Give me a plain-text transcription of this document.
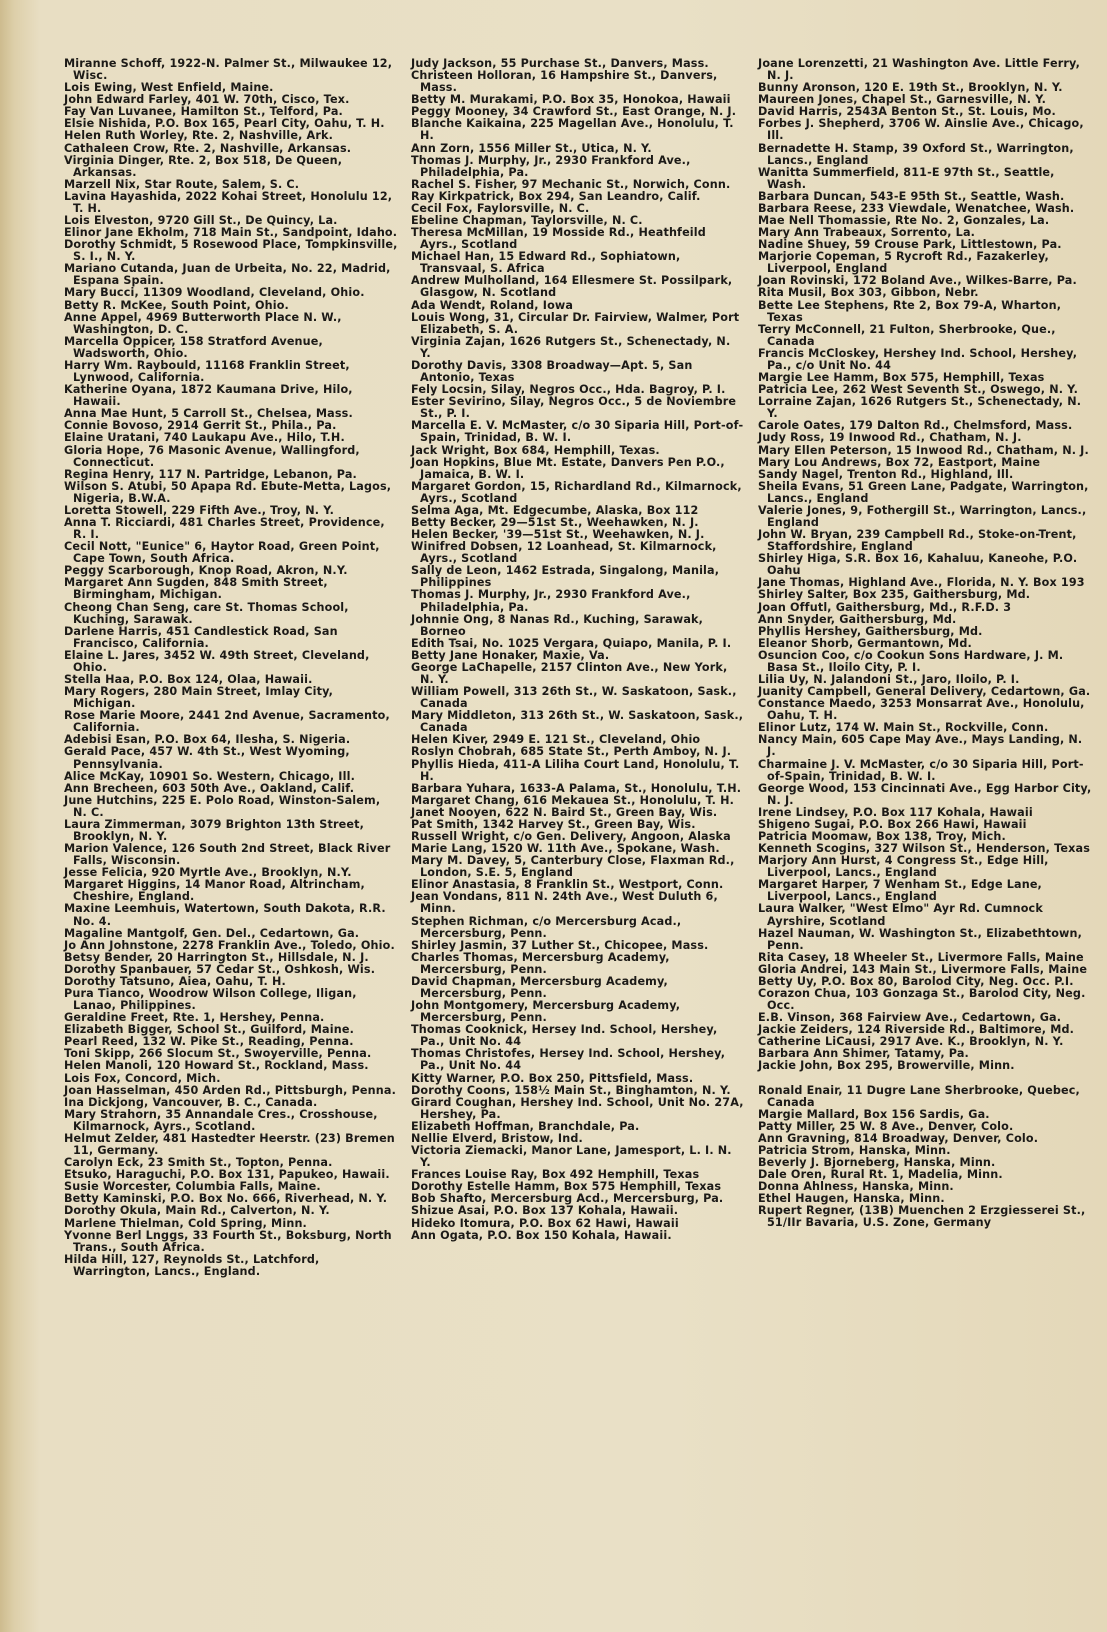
Miranne Schoff, 1922-N. Palmer St., Milwaukee 12, Wisc.

Lois Ewing, West Enfield, Maine.

John Edward Farley, 401 W. 70th, Cisco, Tex.

Fay Van Luvanee, Hamilton St., Telford, Pa.

Elsie Nishida, P.O. Box 165, Pearl City, Oahu, T. H.

Helen Ruth Worley, Rte. 2, Nashville, Ark.

Cathaleen Crow, Rte. 2, Nashville, Arkansas.

Virginia Dinger, Rte. 2, Box 518, De Queen, Arkansas.

Marzell Nix, Star Route, Salem, S. C.

Lavina Hayashida, 2022 Kohai Street, Honolulu 12, T. H.

Lois Elveston, 9720 Gill St., De Quincy, La.

Elinor Jane Ekholm, 718 Main St., Sandpoint, Idaho.

Dorothy Schmidt, 5 Rosewood Place, Tompkinsville, S. I., N. Y.

Mariano Cutanda, Juan de Urbeita, No. 22, Madrid, Espana Spain.

Mary Bucci, 11309 Woodland, Cleveland, Ohio.

Betty R. McKee, South Point, Ohio.

Anne Appel, 4969 Butterworth Place N. W., Washington, D. C.

Marcella Oppicer, 158 Stratford Avenue, Wadsworth, Ohio.

Harry Wm. Raybould, 11168 Franklin Street, Lynwood, California.

Katherine Oyana, 1872 Kaumana Drive, Hilo, Hawaii.

Anna Mae Hunt, 5 Carroll St., Chelsea, Mass.

Connie Bovoso, 2914 Gerrit St., Phila., Pa.

Elaine Uratani, 740 Laukapu Ave., Hilo, T.H.

Gloria Hope, 76 Masonic Avenue, Wallingford, Connecticut.

Regina Henry, 117 N. Partridge, Lebanon, Pa.

Wilson S. Atubi, 50 Apapa Rd. Ebute-Metta, Lagos, Nigeria, B.W.A.

Loretta Stowell, 229 Fifth Ave., Troy, N. Y.

Anna T. Ricciardi, 481 Charles Street, Providence, R. I.

Cecil Nott, "Eunice" 6, Haytor Road, Green Point, Cape Town, South Africa.

Peggy Scarborough, Knop Road, Akron, N.Y.

Margaret Ann Sugden, 848 Smith Street, Birmingham, Michigan.

Cheong Chan Seng, care St. Thomas School, Kuching, Sarawak.

Darlene Harris, 451 Candlestick Road, San Francisco, California.

Elaine L. Jares, 3452 W. 49th Street, Cleveland, Ohio.

Stella Haa, P.O. Box 124, Olaa, Hawaii.

Mary Rogers, 280 Main Street, Imlay City, Michigan.

Rose Marie Moore, 2441 2nd Avenue, Sacramento, California.

Adebisi Esan, P.O. Box 64, Ilesha, S. Nigeria.

Gerald Pace, 457 W. 4th St., West Wyoming, Pennsylvania.

Alice McKay, 10901 So. Western, Chicago, Ill.

Ann Brecheen, 603 50th Ave., Oakland, Calif.

June Hutchins, 225 E. Polo Road, Winston-Salem, N. C.

Laura Zimmerman, 3079 Brighton 13th Street, Brooklyn, N. Y.

Marion Valence, 126 South 2nd Street, Black River Falls, Wisconsin.

Jesse Felicia, 920 Myrtle Ave., Brooklyn, N.Y.

Margaret Higgins, 14 Manor Road, Altrincham, Cheshire, England.

Maxine Leemhuis, Watertown, South Dakota, R.R. No. 4.

Magaline Mantgolf, Gen. Del., Cedartown, Ga.

Jo Ann Johnstone, 2278 Franklin Ave., Toledo, Ohio.

Betsy Bender, 20 Harrington St., Hillsdale, N. J.

Dorothy Spanbauer, 57 Cedar St., Oshkosh, Wis.

Dorothy Tatsuno, Aiea, Oahu, T. H.

Pura Tianco, Woodrow Wilson College, Iligan, Lanao, Philippines.

Geraldine Freet, Rte. 1, Hershey, Penna.

Elizabeth Bigger, School St., Guilford, Maine.

Pearl Reed, 132 W. Pike St., Reading, Penna.

Toni Skipp, 266 Slocum St., Swoyerville, Penna.

Helen Manoli, 120 Howard St., Rockland, Mass.

Lois Fox, Concord, Mich.

Joan Hasselman, 450 Arden Rd., Pittsburgh, Penna.

Ina Dickjong, Vancouver, B. C., Canada.

Mary Strahorn, 35 Annandale Cres., Crosshouse, Kilmarnock, Ayrs., Scotland.

Helmut Zelder, 481 Hastedter Heerstr. (23) Bremen 11, Germany.

Carolyn Eck, 23 Smith St., Topton, Penna.

Etsuko, Haraguchi, P.O. Box 131, Papukeo, Hawaii.

Susie Worcester, Columbia Falls, Maine.

Betty Kaminski, P.O. Box No. 666, Riverhead, N. Y.

Dorothy Okula, Main Rd., Calverton, N. Y.

Marlene Thielman, Cold Spring, Minn.

Yvonne Berl Lnggs, 33 Fourth St., Boksburg, North Trans., South Africa.

Hilda Hill, 127, Reynolds St., Latchford, Warrington, Lancs., England.

Judy Jackson, 55 Purchase St., Danvers, Mass.

Christeen Holloran, 16 Hampshire St., Danvers, Mass.

Betty M. Murakami, P.O. Box 35, Honokoa, Hawaii

Peggy Mooney, 34 Crawford St., East Orange, N. J.

Blanche Kaikaina, 225 Magellan Ave., Honolulu, T. H.

Ann Zorn, 1556 Miller St., Utica, N. Y.

Thomas J. Murphy, Jr., 2930 Frankford Ave., Philadelphia, Pa.

Rachel S. Fisher, 97 Mechanic St., Norwich, Conn.

Ray Kirkpatrick, Box 294, San Leandro, Calif.

Cecil Fox, Faylorsville, N. C.

Ebeline Chapman, Taylorsville, N. C.

Theresa McMillan, 19 Mosside Rd., Heathfeild Ayrs., Scotland

Michael Han, 15 Edward Rd., Sophiatown, Transvaal, S. Africa

Andrew Mulholland, 164 Ellesmere St. Possilpark, Glasgow, N. Scotland

Ada Wendt, Roland, Iowa

Louis Wong, 31, Circular Dr. Fairview, Walmer, Port Elizabeth, S. A.

Virginia Zajan, 1626 Rutgers St., Schenectady, N. Y.

Dorothy Davis, 3308 Broadway—Apt. 5, San Antonio, Texas

Fely Locsin, Silay, Negros Occ., Hda. Bagroy, P. I.

Ester Sevirino, Silay, Negros Occ., 5 de Noviembre St., P. I.

Marcella E. V. McMaster, c/o 30 Siparia Hill, Port-of-Spain, Trinidad, B. W. I.

Jack Wright, Box 684, Hemphill, Texas.

Joan Hopkins, Blue Mt. Estate, Danvers Pen P.O., Jamaica, B. W. I.

Margaret Gordon, 15, Richardland Rd., Kilmarnock, Ayrs., Scotland

Selma Aga, Mt. Edgecumbe, Alaska, Box 112

Betty Becker, 29—51st St., Weehawken, N. J.

Helen Becker, '39—51st St., Weehawken, N. J.

Winifred Dobsen, 12 Loanhead, St. Kilmarnock, Ayrs., Scotland

Sally de Leon, 1462 Estrada, Singalong, Manila, Philippines

Thomas J. Murphy, Jr., 2930 Frankford Ave., Philadelphia, Pa.

Johnnie Ong, 8 Nanas Rd., Kuching, Sarawak, Borneo

Edith Tsai, No. 1025 Vergara, Quiapo, Manila, P. I.

Betty Jane Honaker, Maxie, Va.

George LaChapelle, 2157 Clinton Ave., New York, N. Y.

William Powell, 313 26th St., W. Saskatoon, Sask., Canada

Mary Middleton, 313 26th St., W. Saskatoon, Sask., Canada

Helen Kiver, 2949 E. 121 St., Cleveland, Ohio

Roslyn Chobrah, 685 State St., Perth Amboy, N. J.

Phyllis Hieda, 411-A Liliha Court Land, Honolulu, T. H.

Barbara Yuhara, 1633-A Palama, St., Honolulu, T.H.

Margaret Chang, 616 Mekauea St., Honolulu, T. H.

Janet Nooyen, 622 N. Baird St., Green Bay, Wis.

Pat Smith, 1342 Harvey St., Green Bay, Wis.

Russell Wright, c/o Gen. Delivery, Angoon, Alaska

Marie Lang, 1520 W. 11th Ave., Spokane, Wash.

Mary M. Davey, 5, Canterbury Close, Flaxman Rd., London, S.E. 5, England

Elinor Anastasia, 8 Franklin St., Westport, Conn.

Jean Vondans, 811 N. 24th Ave., West Duluth 6, Minn.

Stephen Richman, c/o Mercersburg Acad., Mercersburg, Penn.

Shirley Jasmin, 37 Luther St., Chicopee, Mass.

Charles Thomas, Mercersburg Academy, Mercersburg, Penn.

David Chapman, Mercersburg Academy, Mercersburg, Penn.

John Montgomery, Mercersburg Academy, Mercersburg, Penn.

Thomas Cooknick, Hersey Ind. School, Hershey, Pa., Unit No. 44

Thomas Christofes, Hersey Ind. School, Hershey, Pa., Unit No. 44

Kitty Warner, P.O. Box 250, Pittsfield, Mass.

Dorothy Coons, 158½ Main St., Binghamton, N. Y.

Girard Coughan, Hershey Ind. School, Unit No. 27A, Hershey, Pa.

Elizabeth Hoffman, Branchdale, Pa.

Nellie Elverd, Bristow, Ind.

Victoria Ziemacki, Manor Lane, Jamesport, L. I. N. Y.

Frances Louise Ray, Box 492 Hemphill, Texas

Dorothy Estelle Hamm, Box 575 Hemphill, Texas

Bob Shafto, Mercersburg Acd., Mercersburg, Pa.

Shizue Asai, P.O. Box 137 Kohala, Hawaii.

Hideko Itomura, P.O. Box 62 Hawi, Hawaii

Ann Ogata, P.O. Box 150 Kohala, Hawaii.

Joane Lorenzetti, 21 Washington Ave. Little Ferry, N. J.

Bunny Aronson, 120 E. 19th St., Brooklyn, N. Y.

Maureen Jones, Chapel St., Garnesville, N. Y.

David Harris, 2543A Benton St., St. Louis, Mo.

Forbes J. Shepherd, 3706 W. Ainslie Ave., Chicago, Ill.

Bernadette H. Stamp, 39 Oxford St., Warrington, Lancs., England

Wanitta Summerfield, 811-E 97th St., Seattle, Wash.

Barbara Duncan, 543-E 95th St., Seattle, Wash.

Barbara Reese, 233 Viewdale, Wenatchee, Wash.

Mae Nell Thomassie, Rte No. 2, Gonzales, La.

Mary Ann Trabeaux, Sorrento, La.

Nadine Shuey, 59 Crouse Park, Littlestown, Pa.

Marjorie Copeman, 5 Rycroft Rd., Fazakerley, Liverpool, England

Joan Rovinski, 172 Boland Ave., Wilkes-Barre, Pa.

Rita Musil, Box 303, Gibbon, Nebr.

Bette Lee Stephens, Rte 2, Box 79-A, Wharton, Texas

Terry McConnell, 21 Fulton, Sherbrooke, Que., Canada

Francis McCloskey, Hershey Ind. School, Hershey, Pa., c/o Unit No. 44

Margie Lee Hamm, Box 575, Hemphill, Texas

Patricia Lee, 262 West Seventh St., Oswego, N. Y.

Lorraine Zajan, 1626 Rutgers St., Schenectady, N. Y.

Carole Oates, 179 Dalton Rd., Chelmsford, Mass.

Judy Ross, 19 Inwood Rd., Chatham, N. J.

Mary Ellen Peterson, 15 Inwood Rd., Chatham, N. J.

Mary Lou Andrews, Box 72, Eastport, Maine

Sandy Nagel, Trenton Rd., Highland, Ill.

Sheila Evans, 51 Green Lane, Padgate, Warrington, Lancs., England

Valerie Jones, 9, Fothergill St., Warrington, Lancs., England

John W. Bryan, 239 Campbell Rd., Stoke-on-Trent, Staffordshire, England

Shirley Higa, S.R. Box 16, Kahaluu, Kaneohe, P.O. Oahu

Jane Thomas, Highland Ave., Florida, N. Y. Box 193

Shirley Salter, Box 235, Gaithersburg, Md.

Joan Offutl, Gaithersburg, Md., R.F.D. 3

Ann Snyder, Gaithersburg, Md.

Phyllis Hershey, Gaithersburg, Md.

Eleanor Shorb, Germantown, Md.

Osuncion Coo, c/o Cookun Sons Hardware, J. M. Basa St., Iloilo City, P. I.

Lilia Uy, N. Jalandoni St., Jaro, Iloilo, P. I.

Juanity Campbell, General Delivery, Cedartown, Ga.

Constance Maedo, 3253 Monsarrat Ave., Honolulu, Oahu, T. H.

Elinor Lutz, 174 W. Main St., Rockville, Conn.

Nancy Main, 605 Cape May Ave., Mays Landing, N. J.

Charmaine J. V. McMaster, c/o 30 Siparia Hill, Port-of-Spain, Trinidad, B. W. I.

George Wood, 153 Cincinnati Ave., Egg Harbor City, N. J.

Irene Lindsey, P.O. Box 117 Kohala, Hawaii

Shigeno Sugai, P.O. Box 266 Hawi, Hawaii

Patricia Moomaw, Box 138, Troy, Mich.

Kenneth Scogins, 327 Wilson St., Henderson, Texas

Marjory Ann Hurst, 4 Congress St., Edge Hill, Liverpool, Lancs., England

Margaret Harper, 7 Wenham St., Edge Lane, Liverpool, Lancs., England

Laura Walker, "West Elmo" Ayr Rd. Cumnock Ayrshire, Scotland

Hazel Nauman, W. Washington St., Elizabethtown, Penn.

Rita Casey, 18 Wheeler St., Livermore Falls, Maine

Gloria Andrei, 143 Main St., Livermore Falls, Maine

Betty Uy, P.O. Box 80, Barolod City, Neg. Occ. P.I.

Corazon Chua, 103 Gonzaga St., Barolod City, Neg. Occ.

E.B. Vinson, 368 Fairview Ave., Cedartown, Ga.

Jackie Zeiders, 124 Riverside Rd., Baltimore, Md.

Catherine LiCausi, 2917 Ave. K., Brooklyn, N. Y.

Barbara Ann Shimer, Tatamy, Pa.

Jackie John, Box 295, Browerville, Minn.

Ronald Enair, 11 Dugre Lane Sherbrooke, Quebec, Canada

Margie Mallard, Box 156 Sardis, Ga.

Patty Miller, 25 W. 8 Ave., Denver, Colo.

Ann Gravning, 814 Broadway, Denver, Colo.

Patricia Strom, Hanska, Minn.

Beverly J. Bjorneberg, Hanska, Minn.

Dale Oren, Rural Rt. 1, Madelia, Minn.

Donna Ahlness, Hanska, Minn.

Ethel Haugen, Hanska, Minn.

Rupert Regner, (13B) Muenchen 2 Erzgiesserei St., 51/IIr Bavaria, U.S. Zone, Germany
